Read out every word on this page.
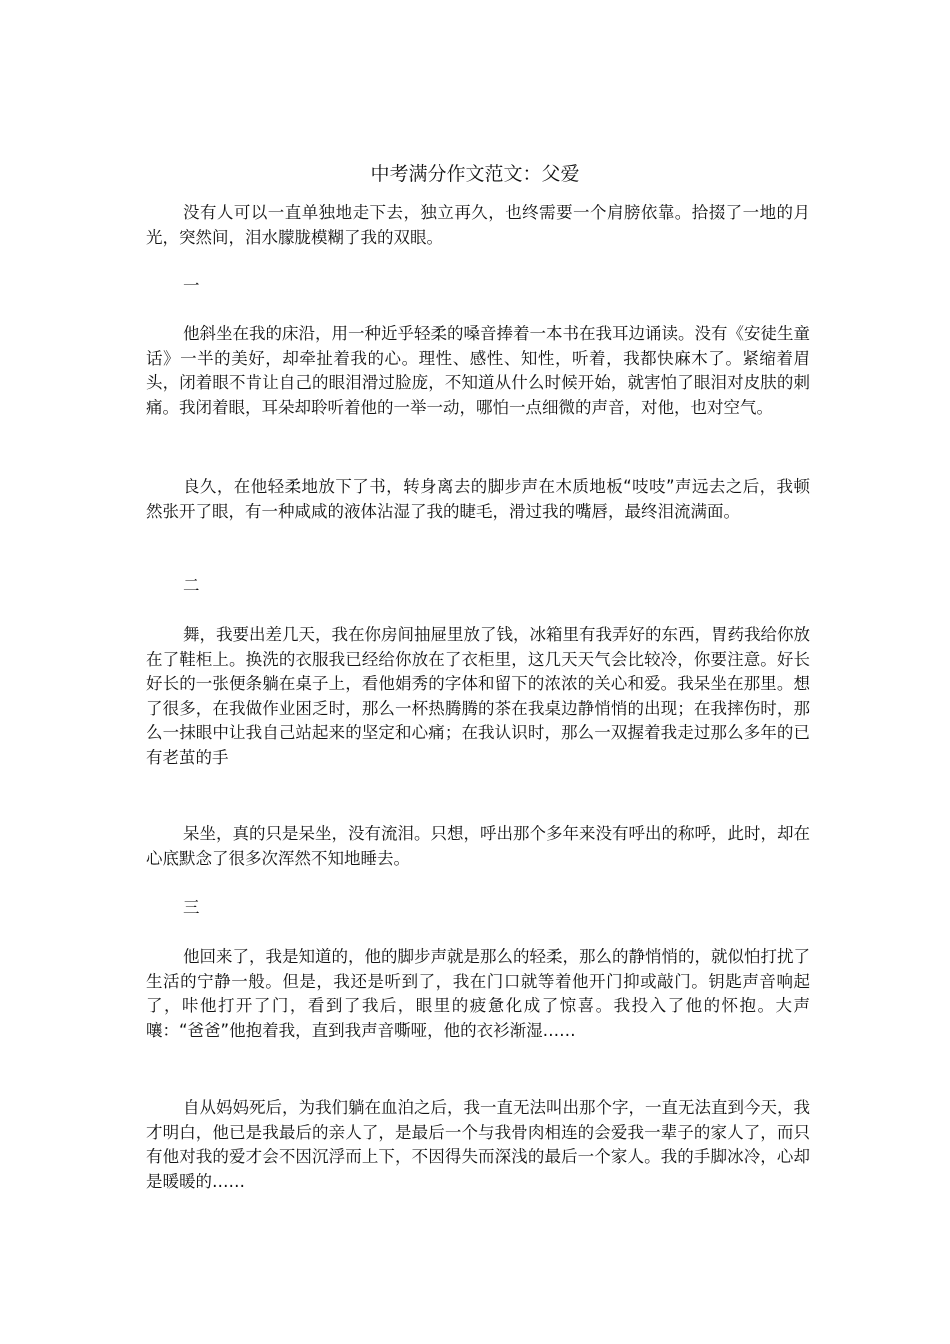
中考满分作文范文：父爱

没有人可以一直单独地走下去，独立再久，也终需要一个肩膀依靠。拾掇了一地的月光，突然间，泪水朦胧模糊了我的双眼。

一

他斜坐在我的床沿，用一种近乎轻柔的嗓音捧着一本书在我耳边诵读。没有《安徒生童话》一半的美好，却牵扯着我的心。理性、感性、知性，听着，我都快麻木了。紧缩着眉头，闭着眼不肯让自己的眼泪滑过脸庞，不知道从什么时候开始，就害怕了眼泪对皮肤的刺痛。我闭着眼，耳朵却聆听着他的一举一动，哪怕一点细微的声音，对他，也对空气。

良久，在他轻柔地放下了书，转身离去的脚步声在木质地板“吱吱”声远去之后，我顿然张开了眼，有一种咸咸的液体沾湿了我的睫毛，滑过我的嘴唇，最终泪流满面。

二

舞，我要出差几天，我在你房间抽屉里放了钱，冰箱里有我弄好的东西，胃药我给你放在了鞋柜上。换洗的衣服我已经给你放在了衣柜里，这几天天气会比较冷，你要注意。好长好长的一张便条躺在桌子上，看他娟秀的字体和留下的浓浓的关心和爱。我呆坐在那里。想了很多，在我做作业困乏时，那么一杯热腾腾的茶在我桌边静悄悄的出现；在我摔伤时，那么一抹眼中让我自己站起来的坚定和心痛；在我认识时，那么一双握着我走过那么多年的已有老茧的手

呆坐，真的只是呆坐，没有流泪。只想，呼出那个多年来没有呼出的称呼，此时，却在心底默念了很多次浑然不知地睡去。

三

他回来了，我是知道的，他的脚步声就是那么的轻柔，那么的静悄悄的，就似怕打扰了生活的宁静一般。但是，我还是听到了，我在门口就等着他开门抑或敲门。钥匙声音响起了，咔他打开了门，看到了我后，眼里的疲惫化成了惊喜。我投入了他的怀抱。大声嚷：“爸爸”他抱着我，直到我声音嘶哑，他的衣衫渐湿……

自从妈妈死后，为我们躺在血泊之后，我一直无法叫出那个字，一直无法直到今天，我才明白，他已是我最后的亲人了，是最后一个与我骨肉相连的会爱我一辈子的家人了，而只有他对我的爱才会不因沉浮而上下，不因得失而深浅的最后一个家人。我的手脚冰冷，心却是暖暖的……
